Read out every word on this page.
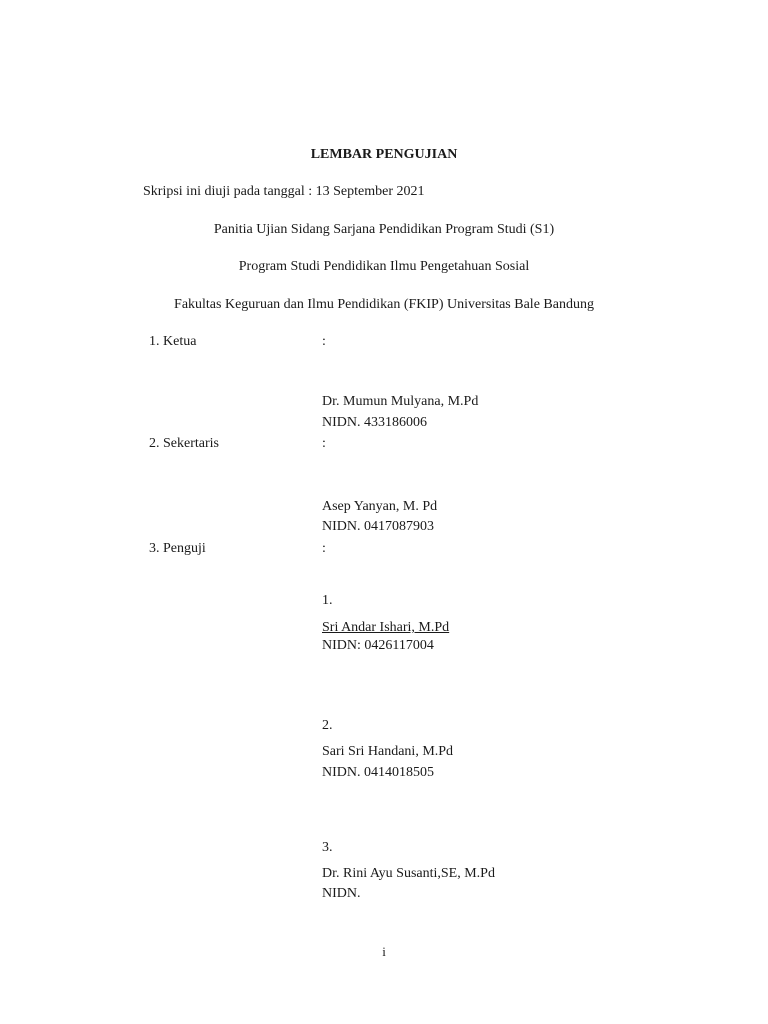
LEMBAR PENGUJIAN
Skripsi ini diuji pada tanggal : 13 September 2021
Panitia Ujian Sidang Sarjana Pendidikan Program Studi (S1)
Program Studi Pendidikan Ilmu Pengetahuan Sosial
Fakultas Keguruan dan Ilmu Pendidikan (FKIP) Universitas Bale Bandung
1. Ketua	:
Dr. Mumun Mulyana, M.Pd
NIDN. 433186006
2. Sekertaris	:
Asep Yanyan, M. Pd
NIDN. 0417087903
3. Penguji	:
1.
Sri Andar Ishari, M.Pd
NIDN: 0426117004
2.
Sari Sri Handani, M.Pd
NIDN. 0414018505
3.
Dr. Rini Ayu Susanti,SE, M.Pd
NIDN.
i
